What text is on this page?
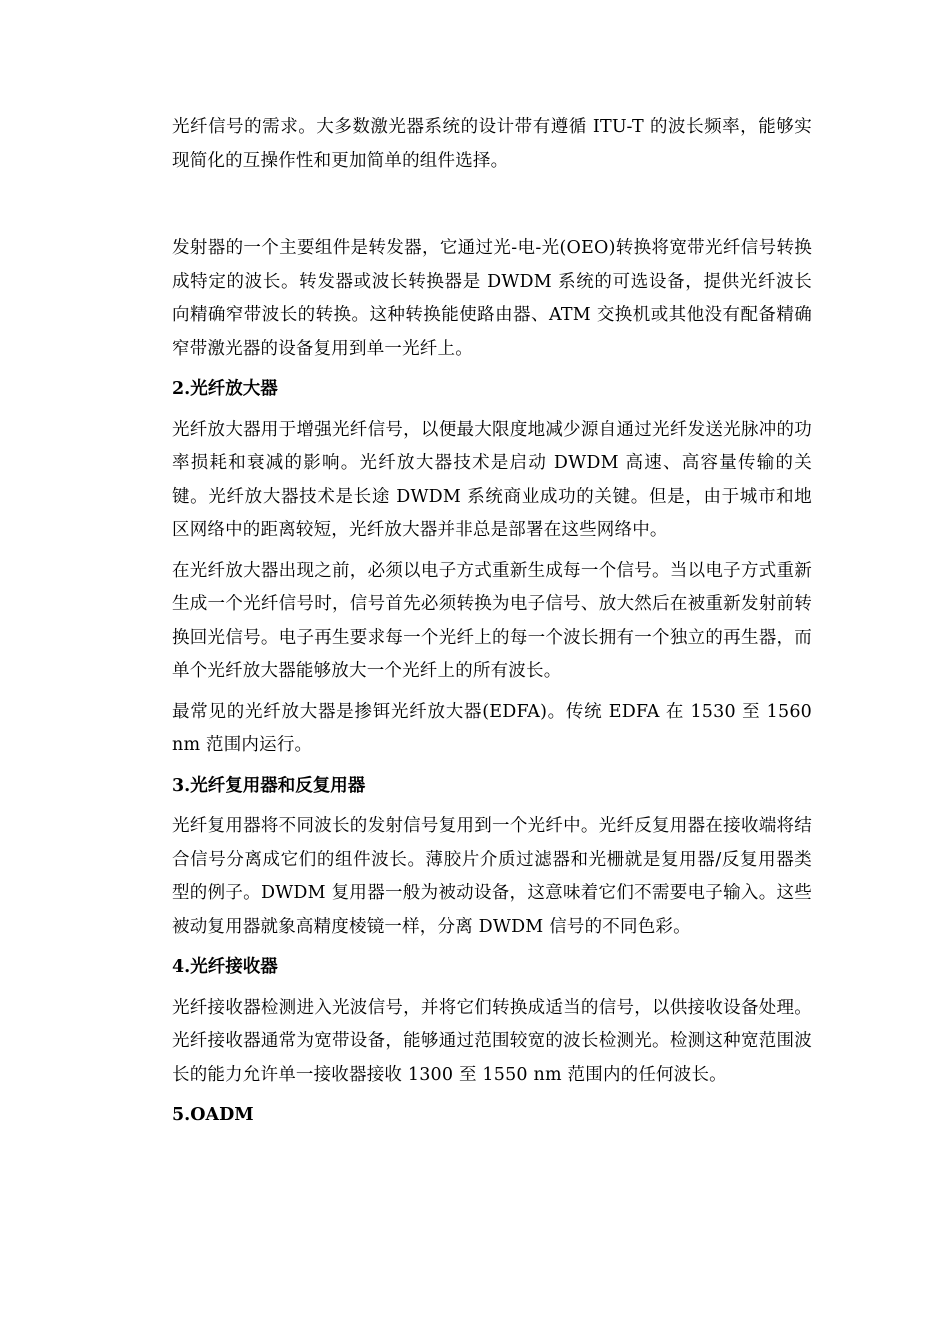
光纤信号的需求。大多数激光器系统的设计带有遵循 ITU-T 的波长频率，能够实现简化的互操作性和更加简单的组件选择。

发射器的一个主要组件是转发器，它通过光-电-光(OEO)转换将宽带光纤信号转换成特定的波长。转发器或波长转换器是 DWDM 系统的可选设备，提供光纤波长向精确窄带波长的转换。这种转换能使路由器、ATM 交换机或其他没有配备精确窄带激光器的设备复用到单一光纤上。

2.光纤放大器

光纤放大器用于增强光纤信号，以便最大限度地减少源自通过光纤发送光脉冲的功率损耗和衰减的影响。光纤放大器技术是启动 DWDM 高速、高容量传输的关键。光纤放大器技术是长途 DWDM 系统商业成功的关键。但是，由于城市和地区网络中的距离较短，光纤放大器并非总是部署在这些网络中。

在光纤放大器出现之前，必须以电子方式重新生成每一个信号。当以电子方式重新生成一个光纤信号时，信号首先必须转换为电子信号、放大然后在被重新发射前转换回光信号。电子再生要求每一个光纤上的每一个波长拥有一个独立的再生器，而单个光纤放大器能够放大一个光纤上的所有波长。

最常见的光纤放大器是掺铒光纤放大器(EDFA)。传统 EDFA 在 1530 至 1560 nm 范围内运行。

3.光纤复用器和反复用器

光纤复用器将不同波长的发射信号复用到一个光纤中。光纤反复用器在接收端将结合信号分离成它们的组件波长。薄胶片介质过滤器和光栅就是复用器/反复用器类型的例子。DWDM 复用器一般为被动设备，这意味着它们不需要电子输入。这些被动复用器就象高精度棱镜一样，分离 DWDM 信号的不同色彩。

4.光纤接收器

光纤接收器检测进入光波信号，并将它们转换成适当的信号，以供接收设备处理。光纤接收器通常为宽带设备，能够通过范围较宽的波长检测光。检测这种宽范围波长的能力允许单一接收器接收 1300 至 1550 nm 范围内的任何波长。

5.OADM
